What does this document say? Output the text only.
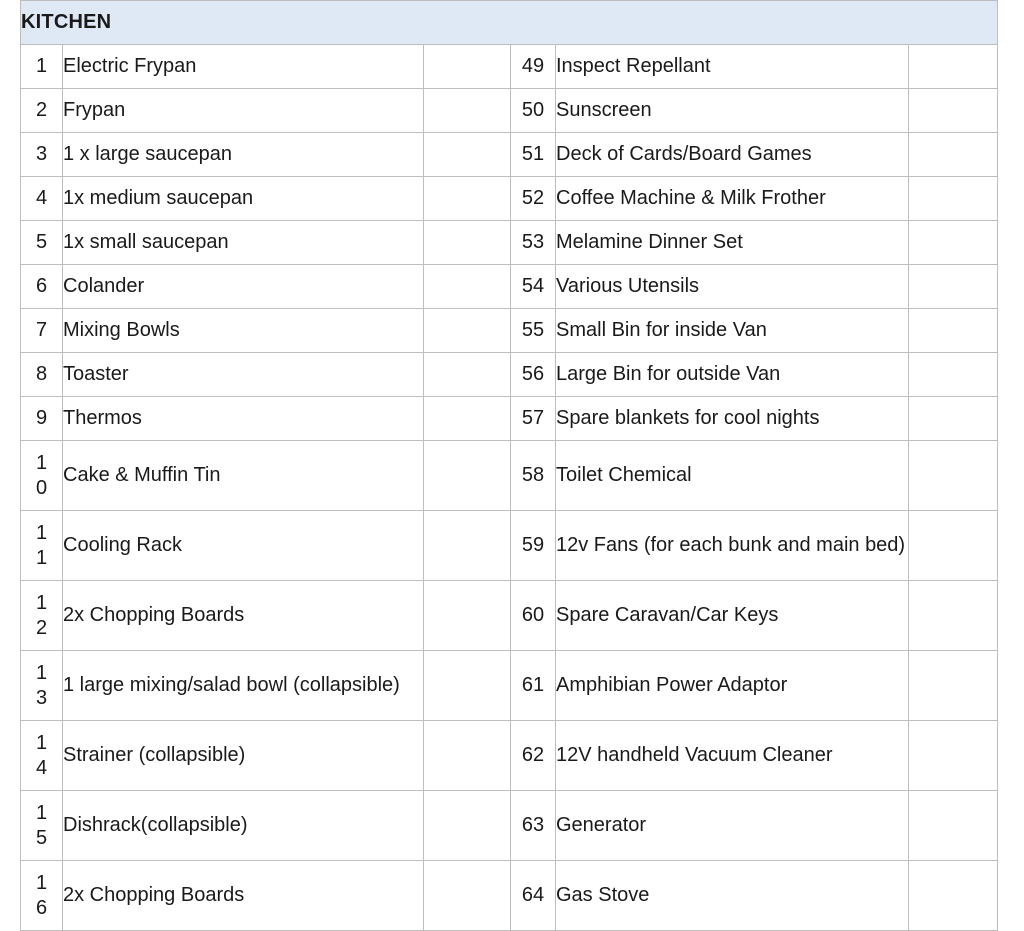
KITCHEN					
1	Electric Frypan		49	Inspect Repellant	
2	Frypan		50	Sunscreen	
3	1 x large saucepan		51	Deck of Cards/Board Games	
4	1x medium saucepan		52	Coffee Machine & Milk Frother	
5	1x small saucepan		53	Melamine Dinner Set	
6	Colander		54	Various Utensils	
7	Mixing Bowls		55	Small Bin for inside Van	
8	Toaster		56	Large Bin for outside Van	
9	Thermos		57	Spare blankets for cool nights	
10	Cake & Muffin Tin		58	Toilet Chemical	
11	Cooling Rack		59	12v Fans (for each bunk and main bed)	
12	2x Chopping Boards		60	Spare Caravan/Car Keys	
13	1 large mixing/salad bowl (collapsible)		61	Amphibian Power Adaptor	
14	Strainer (collapsible)		62	12V handheld Vacuum Cleaner	
15	Dishrack(collapsible)		63	Generator	
16	2x Chopping Boards		64	Gas Stove	
